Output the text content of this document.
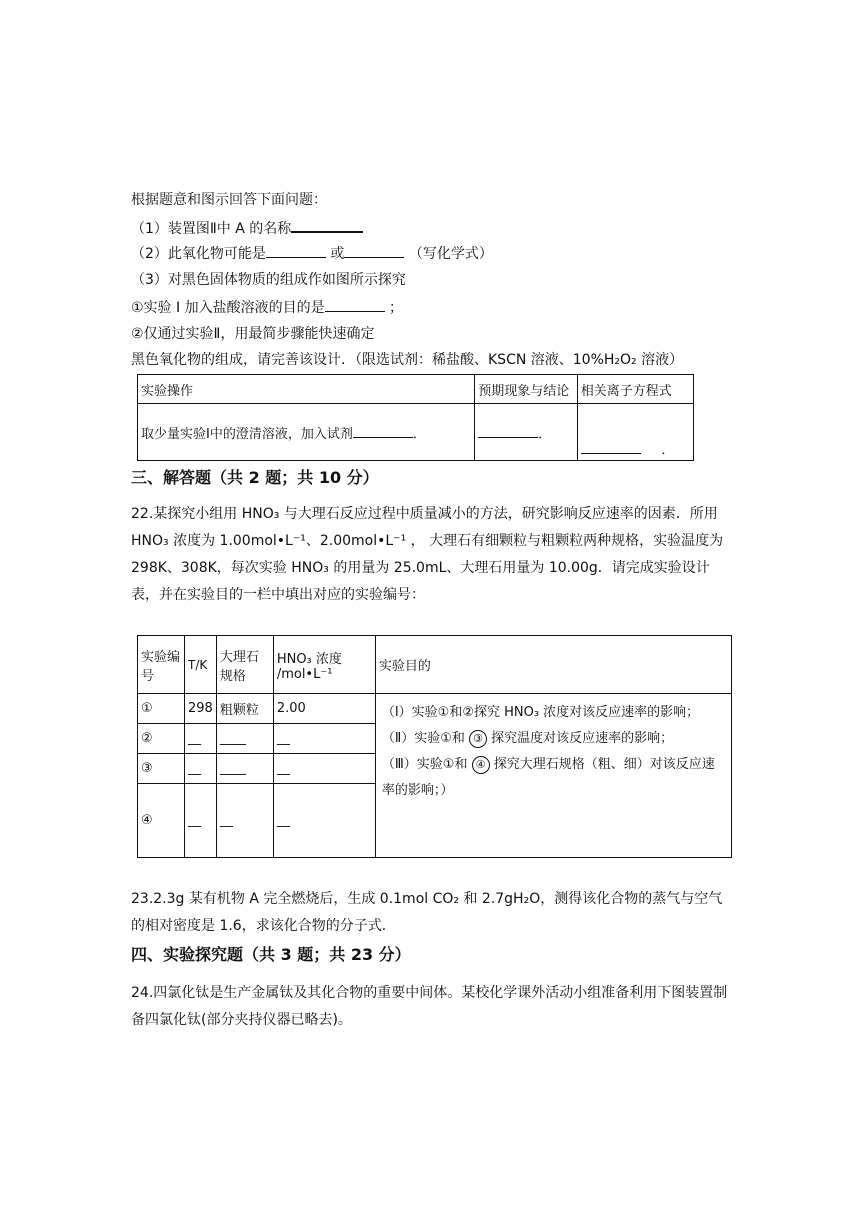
根据题意和图示回答下面问题：
（1）装置图Ⅱ中 A 的名称
（2）此氧化物可能是	或	（写化学式）
（3）对黑色固体物质的组成作如图所示探究
①实验 I 加入盐酸溶液的目的是	；
②仅通过实验Ⅱ，用最简步骤能快速确定
黑色氧化物的组成，请完善该设计．（限选试剂：稀盐酸、KSCN 溶液、10%H₂O₂ 溶液）
实验操作	预期现象与结论	相关离子方程式
取少量实验Ⅰ中的澄清溶液，加入试剂 ．	．	．
三、解答题（共 2 题；共 10 分）
22.某探究小组用 HNO₃ 与大理石反应过程中质量减小的方法，研究影响反应速率的因素．所用 HNO₃ 浓度为 1.00mol•L⁻¹、2.00mol•L⁻¹ ， 大理石有细颗粒与粗颗粒两种规格，实验温度为 298K、308K，每次实验 HNO₃ 的用量为 25.0mL、大理石用量为 10.00g．请完成实验设计表，并在实验目的一栏中填出对应的实验编号：
实验编号	T/K	大理石规格	HNO₃ 浓度 /mol•L⁻¹	实验目的
①	298	粗颗粒	2.00	（Ⅰ）实验①和②探究 HNO₃ 浓度对该反应速率的影响；
（Ⅱ）实验①和 ③ 探究温度对该反应速率的影响；
（Ⅲ）实验①和 ④ 探究大理石规格（粗、细）对该反应速率的影响；）

②	__	____	__	
③	__	____	__	
④	__	__	__	
23.2.3g 某有机物 A 完全燃烧后，生成 0.1mol CO₂ 和 2.7gH₂O，测得该化合物的蒸气与空气的相对密度是 1.6，求该化合物的分子式．
四、实验探究题（共 3 题；共 23 分）
24.四氯化钛是生产金属钛及其化合物的重要中间体。某校化学课外活动小组准备利用下图装置制备四氯化钛(部分夹持仪器已略去)。
